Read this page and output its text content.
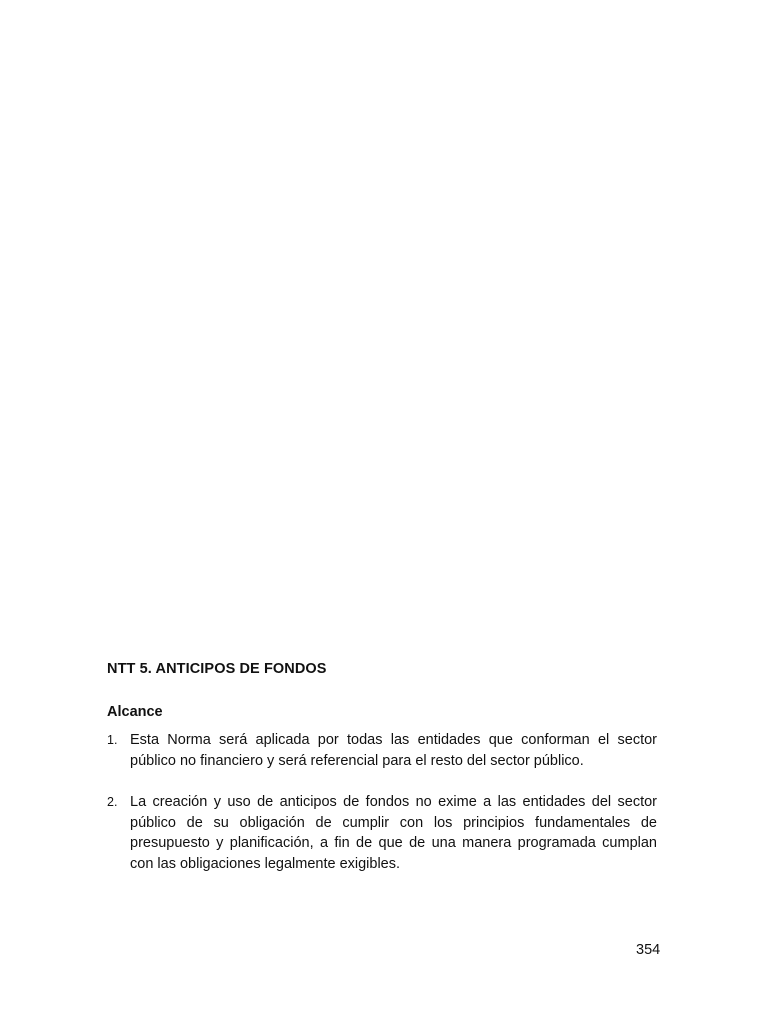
NTT 5. ANTICIPOS DE FONDOS
Alcance
1. Esta Norma será aplicada por todas las entidades que conforman el sector público no financiero y será referencial para el resto del sector público.
2. La creación y uso de anticipos de fondos no exime a las entidades del sector público de su obligación de cumplir con los principios fundamentales de presupuesto y planificación, a fin de que de una manera programada cumplan con las obligaciones legalmente exigibles.
354
